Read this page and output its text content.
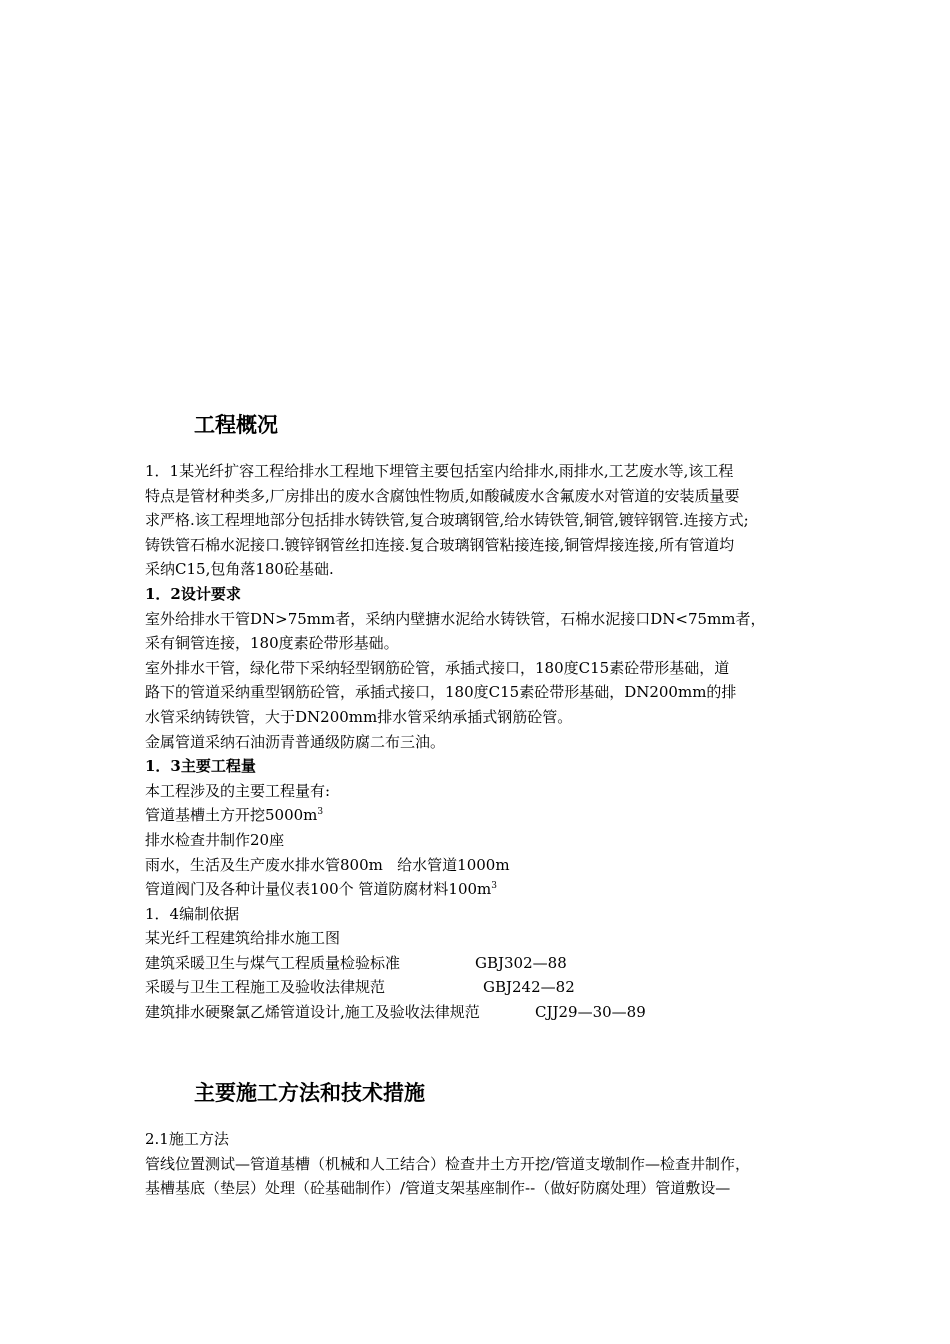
工程概况
1．1某光纤扩容工程给排水工程地下埋管主要包括室内给排水,雨排水,工艺废水等,该工程
特点是管材种类多,厂房排出的废水含腐蚀性物质,如酸碱废水含氟废水对管道的安装质量要
求严格.该工程埋地部分包括排水铸铁管,复合玻璃钢管,给水铸铁管,铜管,镀锌钢管.连接方式;
铸铁管石棉水泥接口.镀锌钢管丝扣连接.复合玻璃钢管粘接连接,铜管焊接连接,所有管道均
采纳C15,包角落180砼基础.
1．2设计要求
室外给排水干管DN>75mm者，采纳内壁搪水泥给水铸铁管，石棉水泥接口DN<75mm者，
采有铜管连接，180度素砼带形基础。
室外排水干管，绿化带下采纳轻型钢筋砼管，承插式接口，180度C15素砼带形基础，道
路下的管道采纳重型钢筋砼管，承插式接口，180度C15素砼带形基础，DN200mm的排
水管采纳铸铁管，大于DN200mm排水管采纳承插式钢筋砼管。
金属管道采纳石油沥青普通级防腐二布三油。
1．3主要工程量
本工程涉及的主要工程量有:
管道基槽土方开挖$5000m^3$
排水检查井制作20座
雨水，生活及生产废水排水管800m   给水管道1000m
管道阀门及各种计量仪表100个 管道防腐材料$100m^3$
1．4编制依据
某光纤工程建筑给排水施工图
建筑采暖卫生与煤气工程质量检验标准	GBJ302—88
采暖与卫生工程施工及验收法律规范	GBJ242—82
建筑排水硬聚氯乙烯管道设计,施工及验收法律规范	CJJ29—30—89
主要施工方法和技术措施
2.1施工方法
管线位置测试—管道基槽（机械和人工结合）检查井土方开挖/管道支墩制作—检查井制作，
基槽基底（垫层）处理（砼基础制作）/管道支架基座制作--（做好防腐处理）管道敷设—
